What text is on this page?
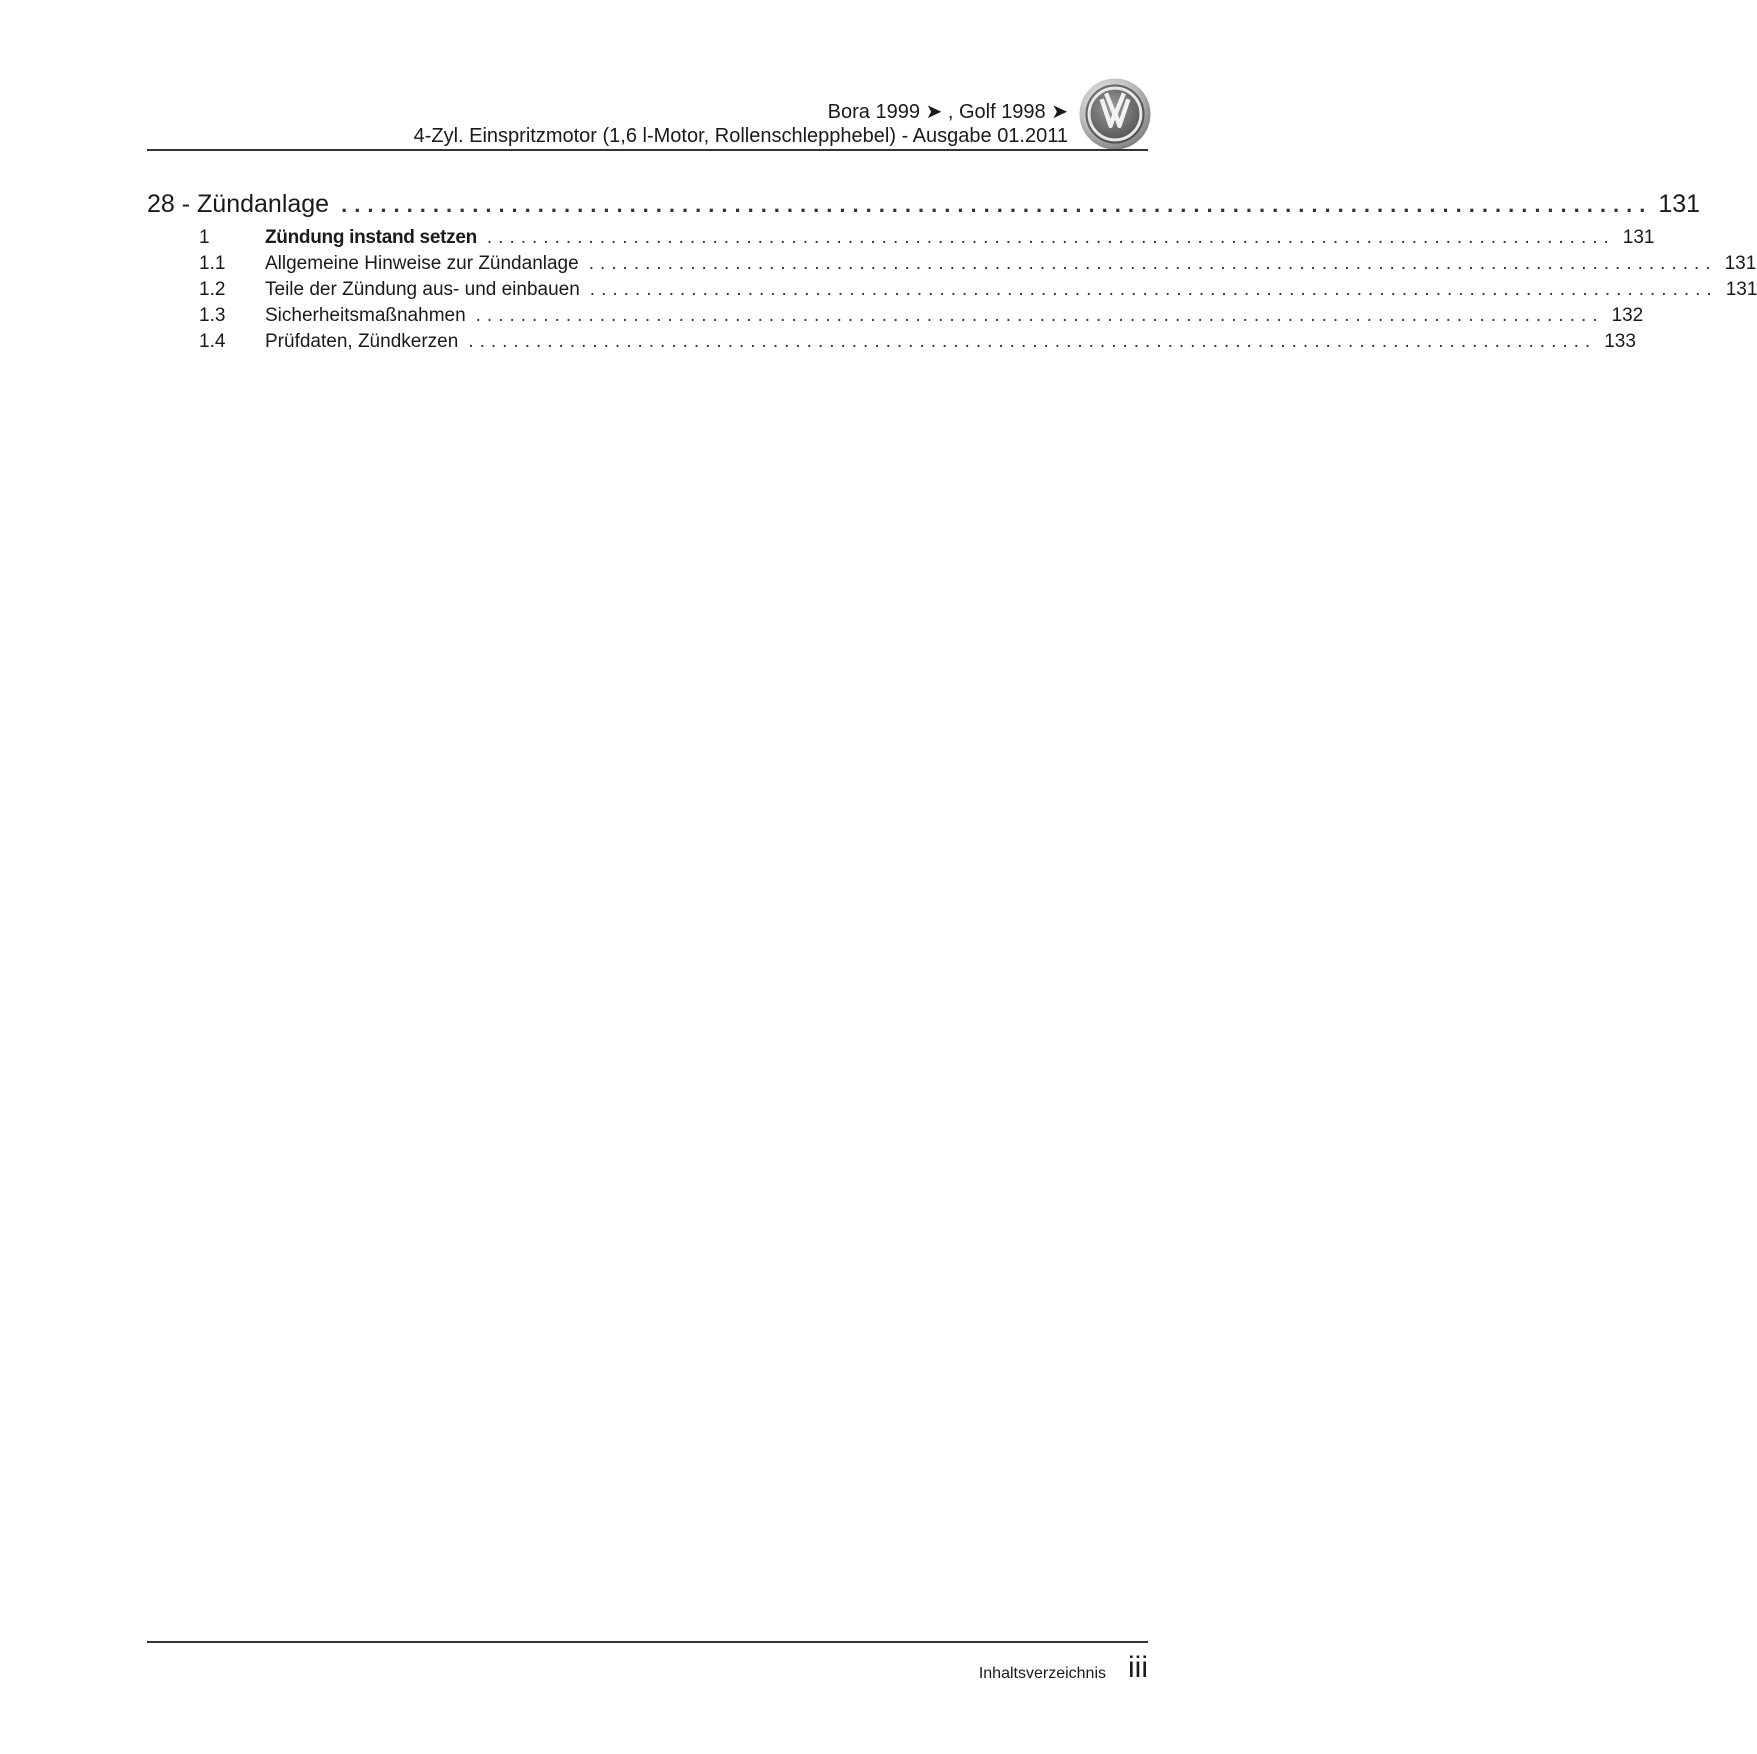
Bora 1999 ➤ , Golf 1998 ➤
4-Zyl. Einspritzmotor (1,6 l-Motor, Rollenschlepphebel) - Ausgabe 01.2011
28 - Zündanlage .................................................................................................... 131
1	Zündung instand setzen .................................................................................................... 131
1.1	Allgemeine Hinweise zur Zündanlage .................................................................................................... 131
1.2	Teile der Zündung aus- und einbauen .................................................................................................... 131
1.3	Sicherheitsmaßnahmen .................................................................................................... 132
1.4	Prüfdaten, Zündkerzen .................................................................................................... 133
Inhaltsverzeichnis iii
